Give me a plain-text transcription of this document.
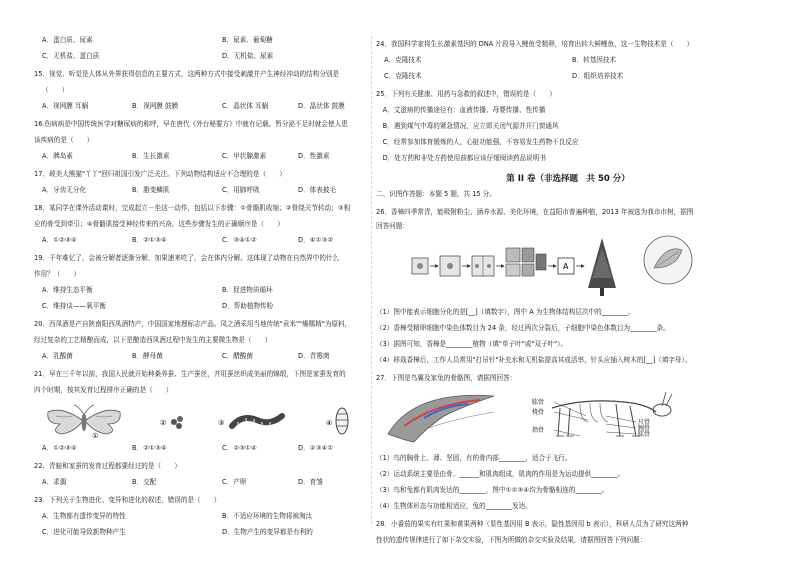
A．蛋白质、尿素	B．尿素、葡萄糖
C．无机盐、蛋白质	D．无机盐、尿素
15．视觉、听觉是人体从外界获得信息的主要方式，这两种方式中接受刺激并产生神经冲动的结构分别是
（　　）
A．视网膜 耳蜗	B．视网膜 鼓膜	C．晶状体 耳蜗	D．晶状体 鼓膜
16.伤病病是中国传统医学对糖尿病的称呼，早在唐代《外台秘要方》中就有记载。暂分泌不足时就会使人患
该疾病的是（　　）
A．胰岛素	B．生长激素	C．甲状腺激素	D．性激素
17．玻美大熊猫"丫丫"回归祖国引发广泛关注。下列动物结构适应不合理的是（　　）
A．牙齿无分化	B．脂变鳞肌	C．用肺呼吸	D．体表披毛
18．某同学在课外活动课时，完成起立－坐这一动作，包括以下步骤：①骨骼肌收缩；②骨绕关节转动；③相
应的骨受到牵引；④骨骼肌接受神经传来的兴奋。这些步骤发生的正确顺序是（　　）
A．①②③④	B．②①③④	C．③④①②	D．④①③②
19．千年难忆了，会被分解者逐渐分解，加果速来吃了，会在体内分解。这体现了动物在自然界中的什么
作用？（　　）
A．维持生态平衡	B．促进物质循环
C．维持谈——氧平衡	D．帮助植物传粉
20．西凤酒是产自陕南阳西凤酒特产，中国国家地理标志产品。凤之酒采用当地传统"贡米""燥糯精"为原料，
经过复杂的工艺精酿而成，以下是酿造西凤酒过程中发生的主要微生物是（　　）
A．乳酸菌	B．酵母菌	C．醋酸菌	D．青霉菌
21．早在三千年以前，我国人民就开始种桑养蚕、生产蚕丝，并用蚕丝织成美丽的锦缎，下图是家蚕发育的
四个时期，按其发育过程排序正确的是（　　）
①
②	③	④
A．①②③④	B．②①③④	C．②③①④	D．②③④①
22．青蛙和家蚕的发育过程都要经过的是（　　）
A．求偶	B．交配	C．产卵	D．育雏
23．下列关于生物进化、变异和进化的叙述，错误的是（　　）
A．生物都有遗传变异的特性	B．不适应环境的生物将被淘汰
C．进化可能导致新物种产生	D．生物产生的变异都是有利的
24．我国科学家将生长激素基因的 DNA 片段导入鲤鱼受精卵，培育出转大鲜鲤鱼，这一生物技术是（　　）
A．克隆技术	B．转基因技术
C．克隆技术	D．组织培养技术
25．下列有关健康、用药与急救的叙述中，错误的是（　　）
　A．艾滋病的传播途径有：血液传播、母婴传播、性传播
　B．遇到煤气中毒的紧急情况，应立即关闭气源并开门窗通风
　C．经常参加体育锻炼的人，心脏功能强，不容易发生药物不良反应
　D．处方药和非处方药使用前都应该仔细阅读药品说明书
第 II 卷（非选择题　共 50 分）
二、识图作答题：本题 5 题，共 15 分。
26．香樟四季常青，能吸附粉尘、涵养水源、美化环境，在益阳市普遍种植，2013 年被选为我市市树，据图
回答问题：
A
（1）图中能表示细胞分化的是[__]（填数字），图中 A 为生物体结构层次中的________。
（2）香樟受精卵细胞中染色体数目为 24 条，经过两次分裂后，子细胞中染色体数目为________条。
（3）据图可知，香樟是________植物（填"单子叶"或"双子叶"）。
（4）移栽香樟后，工作人员常用"打吊针"补充水和无机盐提高其成活率，针头应插入树木的[__]（填字母）。
27．下图是鸟翼及家兔的骨骼图，请据图回答：
肱骨
桡骨
指骨
尺骨
腕骨
肱骨
（1）鸟的胸骨上、薄、坚固，有的骨内部________，适合于飞行。
（2）运动系统主要是由骨、______和肌肉组成，肌肉的作用是为运动提供________。
（3）鸟和兔都有肌肉发达的________，图中①②③④均为骨骼相连的________。
（4）生物体形态与功能相适应，兔的________发达。
28．小番茄的果实有红果和黄果两种（显性基因用 B 表示，隐性基因用 b 表示），科研人员为了研究这两种
性状的遗传规律进行了如下杂交实验，下图为所做的杂交实验及结果，请据图回答下列问题：
